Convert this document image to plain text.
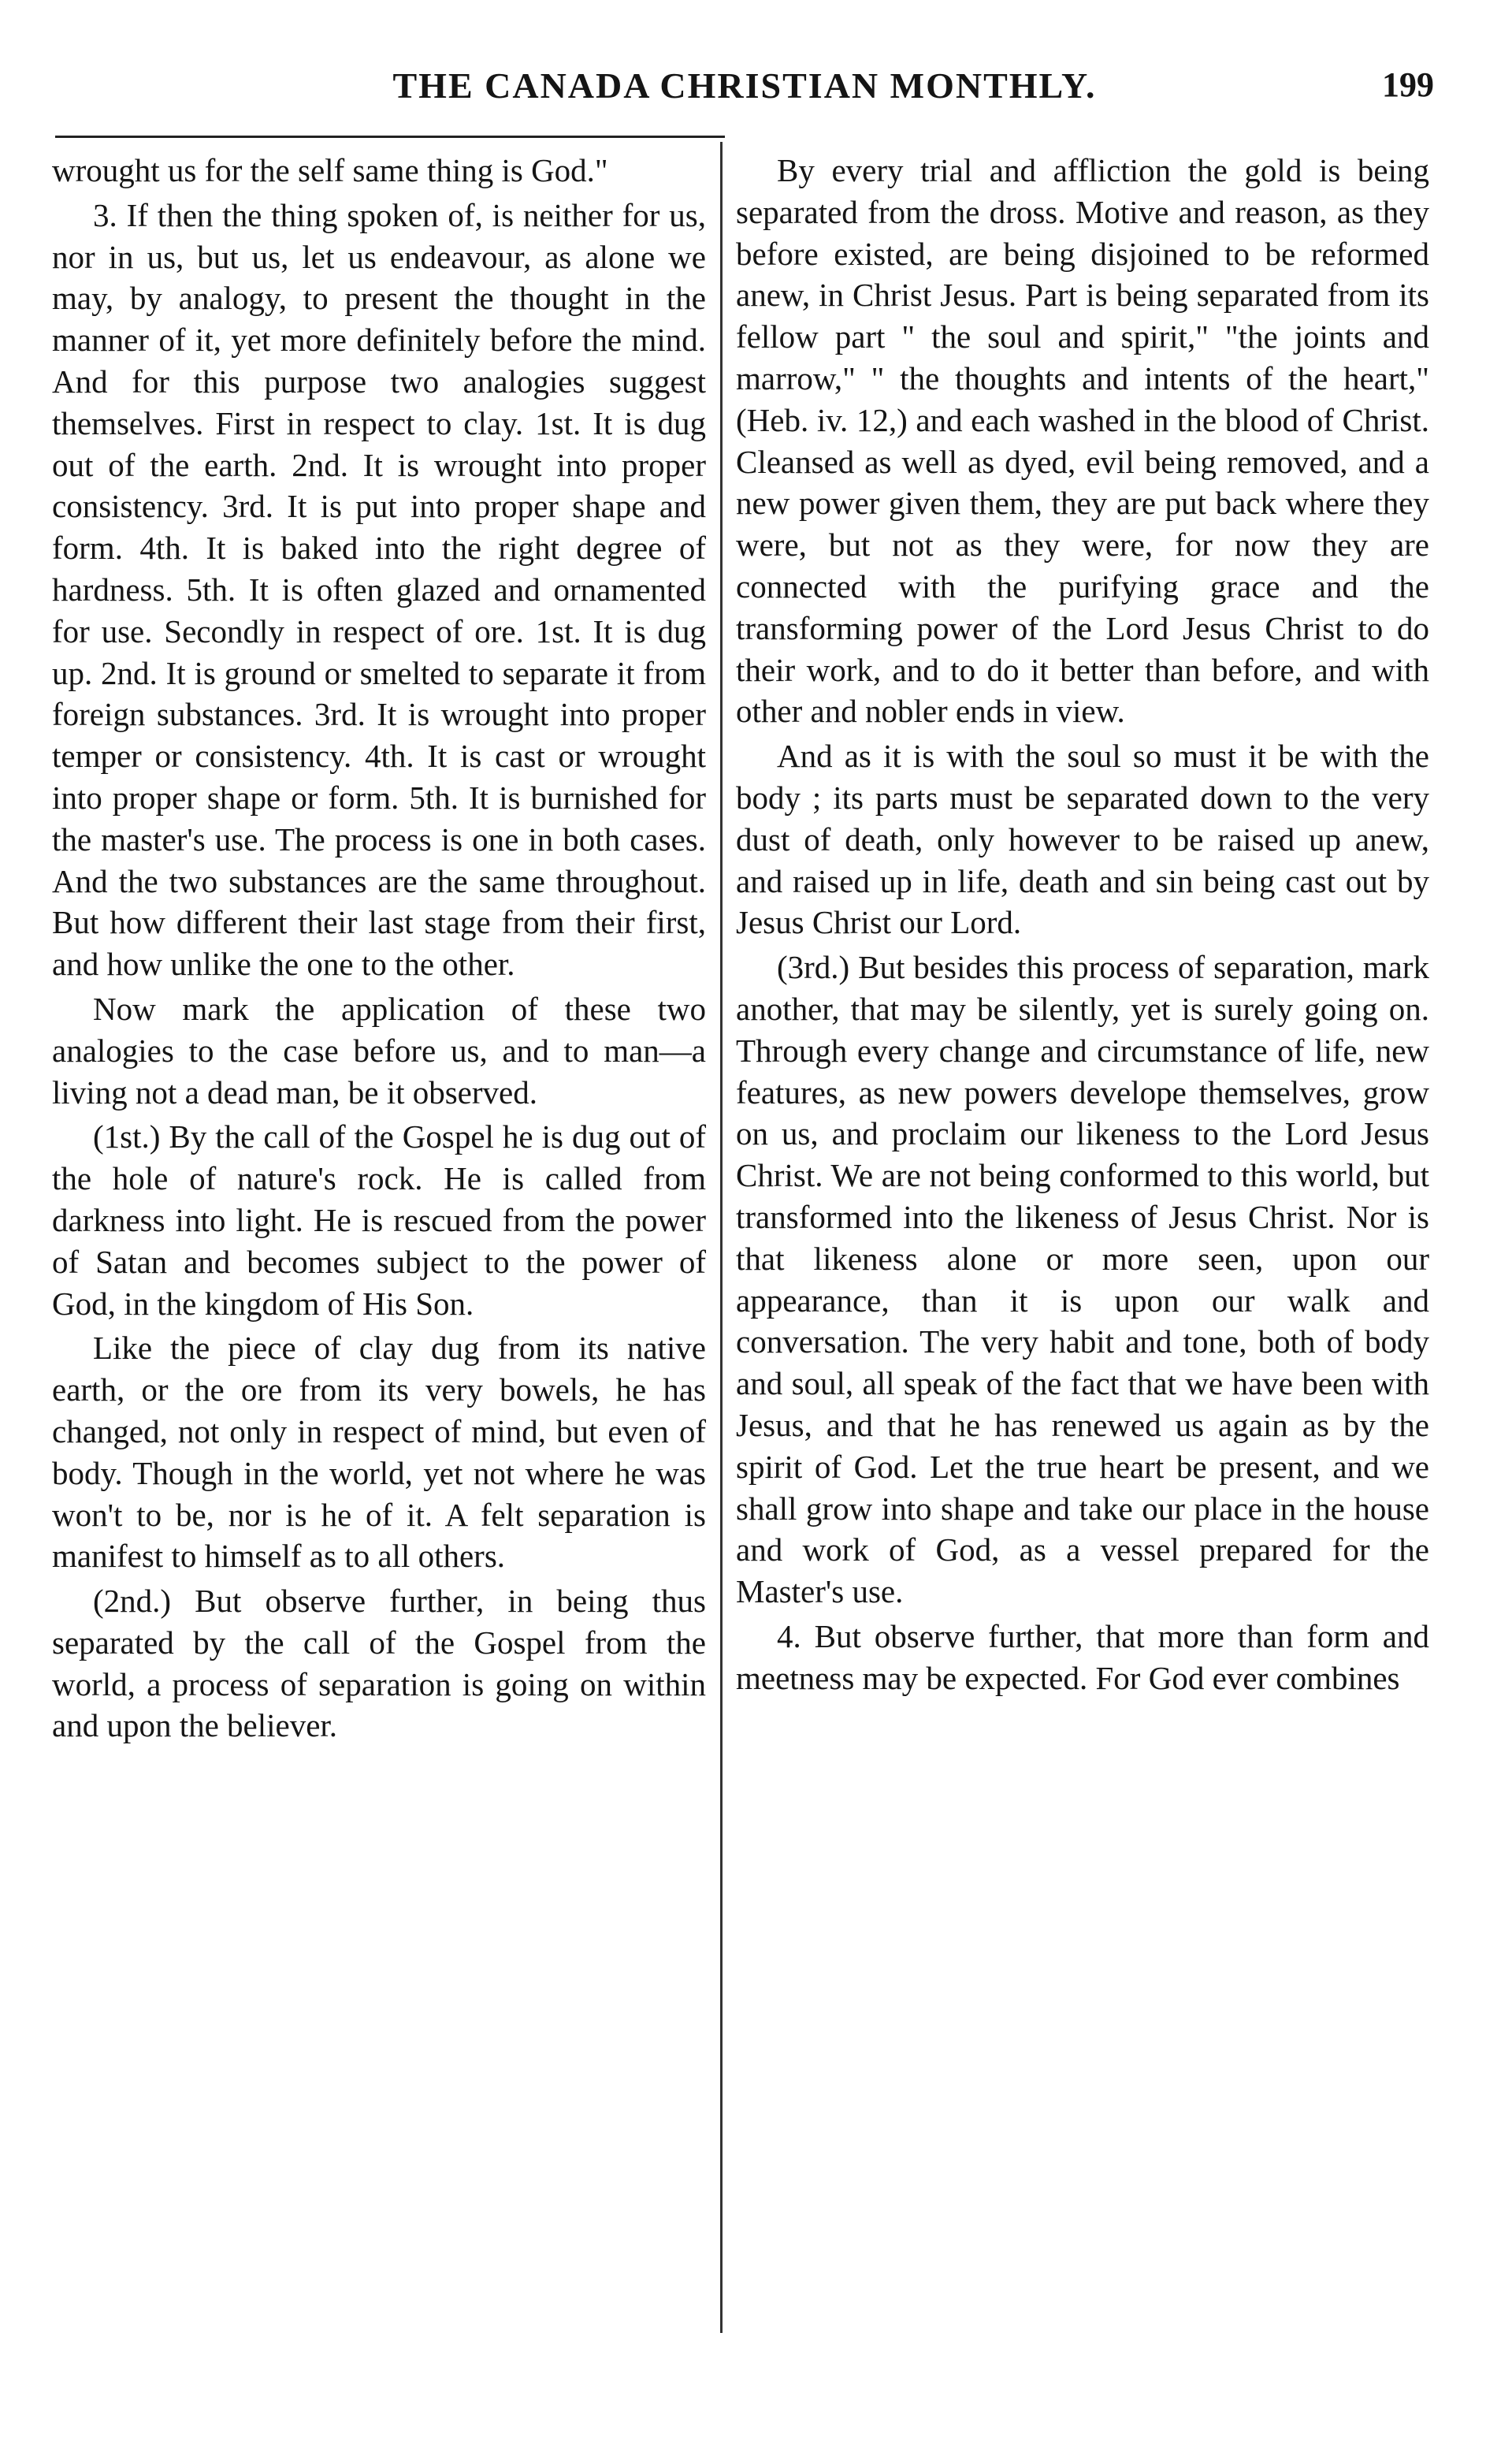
THE CANADA CHRISTIAN MONTHLY.	199

wrought us for the self same thing is God."

3. If then the thing spoken of, is neither for us, nor in us, but us, let us endeavour, as alone we may, by analogy, to present the thought in the manner of it, yet more definitely before the mind. And for this purpose two analogies suggest themselves. First in respect to clay. 1st. It is dug out of the earth. 2nd. It is wrought into proper consistency. 3rd. It is put into proper shape and form. 4th. It is baked into the right degree of hardness. 5th. It is often glazed and ornamented for use. Secondly in respect of ore. 1st. It is dug up. 2nd. It is ground or smelted to separate it from foreign substances. 3rd. It is wrought into proper temper or consistency. 4th. It is cast or wrought into proper shape or form. 5th. It is burnished for the master's use. The process is one in both cases. And the two substances are the same throughout. But how different their last stage from their first, and how unlike the one to the other.

Now mark the application of these two analogies to the case before us, and to man—a living not a dead man, be it observed.

(1st.) By the call of the Gospel he is dug out of the hole of nature's rock. He is called from darkness into light. He is rescued from the power of Satan and becomes subject to the power of God, in the kingdom of His Son.

Like the piece of clay dug from its native earth, or the ore from its very bowels, he has changed, not only in respect of mind, but even of body. Though in the world, yet not where he was won't to be, nor is he of it. A felt separation is manifest to himself as to all others.

(2nd.) But observe further, in being thus separated by the call of the Gospel from the world, a process of separation is going on within and upon the believer.

By every trial and affliction the gold is being separated from the dross. Motive and reason, as they before existed, are being disjoined to be reformed anew, in Christ Jesus. Part is being separated from its fellow part " the soul and spirit," "the joints and marrow," " the thoughts and intents of the heart," (Heb. iv. 12,) and each washed in the blood of Christ. Cleansed as well as dyed, evil being removed, and a new power given them, they are put back where they were, but not as they were, for now they are connected with the purifying grace and the transforming power of the Lord Jesus Christ to do their work, and to do it better than before, and with other and nobler ends in view.

And as it is with the soul so must it be with the body ; its parts must be separated down to the very dust of death, only however to be raised up anew, and raised up in life, death and sin being cast out by Jesus Christ our Lord.

(3rd.) But besides this process of separation, mark another, that may be silently, yet is surely going on. Through every change and circumstance of life, new features, as new powers develope themselves, grow on us, and proclaim our likeness to the Lord Jesus Christ. We are not being conformed to this world, but transformed into the likeness of Jesus Christ. Nor is that likeness alone or more seen, upon our appearance, than it is upon our walk and conversation. The very habit and tone, both of body and soul, all speak of the fact that we have been with Jesus, and that he has renewed us again as by the spirit of God. Let the true heart be present, and we shall grow into shape and take our place in the house and work of God, as a vessel prepared for the Master's use.

4. But observe further, that more than form and meetness may be expected. For God ever combines
